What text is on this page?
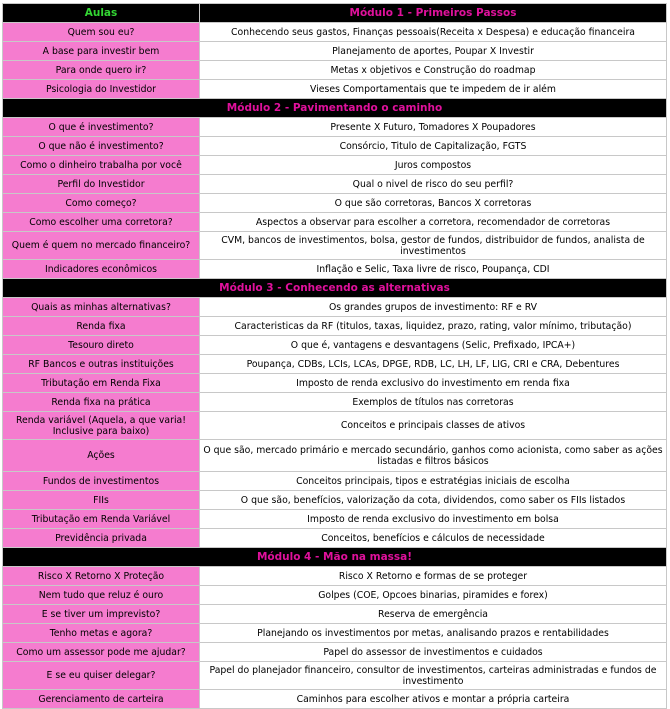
Aulas	Módulo 1 - Primeiros Passos
Quem sou eu?	Conhecendo seus gastos, Finanças pessoais(Receita x Despesa) e educação financeira
A base para investir bem	Planejamento de aportes, Poupar X Investir
Para onde quero ir?	Metas x objetivos e Construção do roadmap
Psicologia do Investidor	Vieses Comportamentais que te impedem de ir além
Módulo 2 - Pavimentando o caminho	
O que é investimento?	Presente X Futuro, Tomadores X Poupadores
O que não é investimento?	Consórcio, Titulo de Capitalização, FGTS
Como o dinheiro trabalha por você	Juros compostos
Perfil do Investidor	Qual o nivel de risco do seu perfil?
Como começo?	O que são corretoras, Bancos X corretoras
Como escolher uma corretora?	Aspectos a observar para escolher a corretora, recomendador de corretoras
Quem é quem no mercado financeiro?	CVM, bancos de investimentos, bolsa, gestor de fundos, distribuidor de fundos, analista de investimentos
Indicadores econômicos	Inflação e Selic, Taxa livre de risco, Poupança, CDI
Módulo 3 - Conhecendo as alternativas	
Quais as minhas alternativas?	Os grandes grupos de investimento: RF e RV
Renda fixa	Caracteristicas da RF (titulos, taxas, liquidez, prazo, rating, valor mínimo, tributação)
Tesouro direto	O que é, vantagens e desvantagens (Selic, Prefixado, IPCA+)
RF Bancos e outras instituições	Poupança, CDBs, LCIs, LCAs, DPGE, RDB, LC, LH, LF, LIG, CRI e CRA, Debentures
Tributação em Renda Fixa	Imposto de renda exclusivo do investimento em renda fixa
Renda fixa na prática	Exemplos de títulos nas corretoras
Renda variável (Aquela, a que varia! Inclusive para baixo)	Conceitos e principais classes de ativos
Ações	O que são, mercado primário e mercado secundário, ganhos como acionista, como saber as ações listadas e filtros básicos
Fundos de investimentos	Conceitos principais, tipos e estratégias iniciais de escolha
FIIs	O que são, benefícios, valorização da cota, dividendos, como saber os FIIs listados
Tributação em Renda Variável	Imposto de renda exclusivo do investimento em bolsa
Previdência privada	Conceitos, benefícios e cálculos de necessidade
Módulo 4 - Mão na massa!	
Risco X Retorno X Proteção	Risco X Retorno e formas de se proteger
Nem tudo que reluz é ouro	Golpes (COE, Opcoes binarias, piramides e forex)
E se tiver um imprevisto?	Reserva de emergência
Tenho metas e agora?	Planejando os investimentos por metas, analisando prazos e rentabilidades
Como um assessor pode me ajudar?	Papel do assessor de investimentos e cuidados
E se eu quiser delegar?	Papel do planejador financeiro, consultor de investimentos, carteiras administradas e fundos de investimento
Gerenciamento de carteira	Caminhos para escolher ativos e montar a própria carteira
